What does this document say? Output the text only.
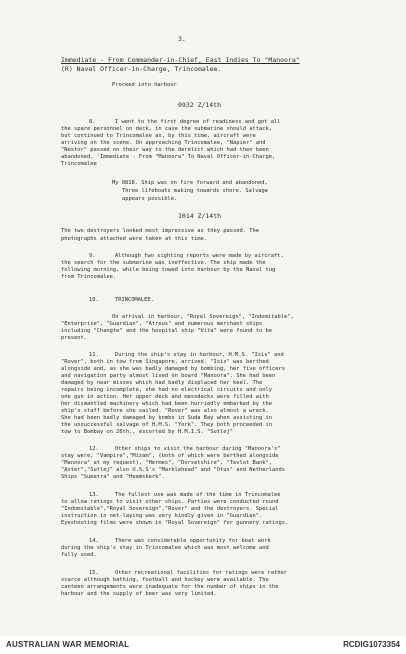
3.
Immediate - From Commander-in-Chief, East Indies To "Manoora"
(R) Naval Officer-in-Charge, Trincomalee.
Proceed into harbour
0932 Z/14th
8.      I went to the first degree of readiness and got all
the spare personnel on deck, in case the submarine should attack,
but continued to Trincomalee as, by this time, aircraft were
arriving on the scene. On approaching Trincomalee, "Napier" and
"Nestor" passed on their way to the derelict which had then been
abandoned, 'Immediate - From "Manoora" To Naval Officer-in-Charge,
Trincomalee
My 0818. Ship was on fire forward and abandoned,
Three lifeboats making towards shore. Salvage
appears possible.
1014 Z/14th
The two destroyers looked most impressive as they passed. The
photographs attached were taken at this time.
9.      Although two sighting reports were made by aircraft,
the search for the submarine was ineffective. The ship made the
following morning, while being towed into harbour by the Naval tug
from Trincomalee.
10.     TRINCOMALEE.
On arrival in harbour, "Royal Sovereign", "Indomitable",
"Enterprise", "Guardian", "Atreus" and numerous merchant ships
including "Changte" and the hospital ship "Vita" were found to be
present.
11.     During the ship's stay in harbour, H.M.S. "Isis" and
"Rover", both in tow from Singapore, arrived. "Isis" was berthed
alongside and, as she was badly damaged by bombing, her five officers
and navigation party almost lived on board "Manoora". She had been
damaged by near misses which had badly displaced her keel. The
repairs being incomplete, she had no electrical circuits and only
one gun in action. Her upper deck and messdecks were filled with
her dismantled machinery which had been hurriedly embarked by the
ship's staff before she sailed. "Rover" was also almost a wreck.
She had been badly damaged by bombs in Suda Bay when assisting in
the unsuccessful salvage of H.M.S. "York". They both proceeded in
tow to Bombay on 26th., escorted by H.M.I.S. "Sutlej"
12.     Other ships to visit the harbour during "Manoora's"
stay were, "Vampire","Mizam", (both of which were berthed alongside
"Manoora" at my request), "Hermes", "Dorsetshire", "Tevlot Bank",
"Aster","Sutlej" also U.S.S's "Marblehead" and "Otus" and Netherlands
Ships "Sumatra" and "Heemskerk".
13.     The fullest use was made of the time in Trincomalee
to allow ratings to visit other ships. Parties were conducted round
"Indomitable","Royal Sovereign","Rover" and the destroyers. Special
instruction in net-laying was very kindly given in "Guardian".
Eyeshooting films were shown in "Royal Sovereign" for gunnery ratings.
14.     There was considerable opportunity for boat work
during the ship's stay in Trincomalee which was most welcome and
fully used.
15.     Other recreational facilities for ratings were rather
scarce although bathing, football and hockey were available. The
canteen arrangements were inadequate for the number of ships in the
harbour and the supply of beer was very limited.
AUSTRALIAN WAR MEMORIAL	RCDIG1073354
